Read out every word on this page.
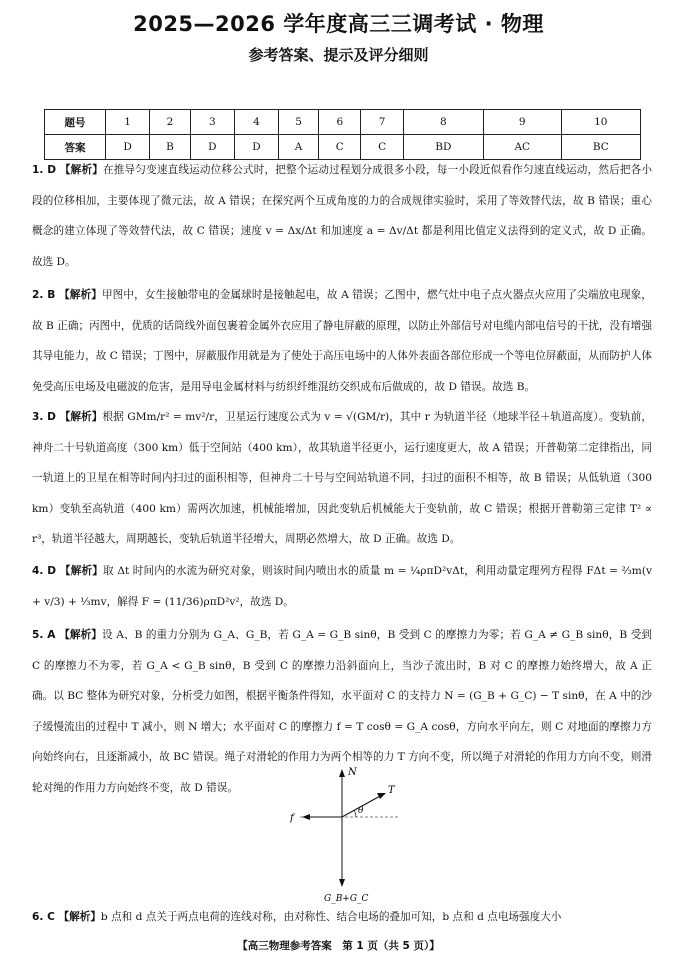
2025—2026 学年度高三三调考试 · 物理
参考答案、提示及评分细则
题号	1	2	3	4	5	6	7	8	9	10
答案	D	B	D	D	A	C	C	BD	AC	BC
1. D 【解析】在推导匀变速直线运动位移公式时，把整个运动过程划分成很多小段，每一小段近似看作匀速直线运动，然后把各小段的位移相加，主要体现了微元法，故 A 错误；在探究两个互成角度的力的合成规律实验时，采用了等效替代法，故 B 错误；重心概念的建立体现了等效替代法，故 C 错误；速度 v = Δx/Δt 和加速度 a = Δv/Δt 都是利用比值定义法得到的定义式，故 D 正确。故选 D。
2. B 【解析】甲图中，女生接触带电的金属球时是接触起电，故 A 错误；乙图中，燃气灶中电子点火器点火应用了尖端放电现象，故 B 正确；丙图中，优质的话筒线外面包裹着金属外衣应用了静电屏蔽的原理，以防止外部信号对电缆内部电信号的干扰，没有增强其导电能力，故 C 错误；丁图中，屏蔽服作用就是为了使处于高压电场中的人体外表面各部位形成一个等电位屏蔽面，从而防护人体免受高压电场及电磁波的危害，是用导电金属材料与纺织纤维混纺交织成布后做成的，故 D 错误。故选 B。
3. D 【解析】根据 GMm/r² = mv²/r，卫星运行速度公式为 v = √(GM/r)，其中 r 为轨道半径（地球半径＋轨道高度）。变轨前，神舟二十号轨道高度（300 km）低于空间站（400 km），故其轨道半径更小，运行速度更大，故 A 错误；开普勒第二定律指出，同一轨道上的卫星在相等时间内扫过的面积相等，但神舟二十号与空间站轨道不同，扫过的面积不相等，故 B 错误；从低轨道（300 km）变轨至高轨道（400 km）需两次加速，机械能增加，因此变轨后机械能大于变轨前，故 C 错误；根据开普勒第三定律 T² ∝ r³，轨道半径越大，周期越长，变轨后轨道半径增大，周期必然增大，故 D 正确。故选 D。
4. D 【解析】取 Δt 时间内的水流为研究对象，则该时间内喷出水的质量 m = ¼ρπD²vΔt，利用动量定理列方程得 FΔt = ⅔m(v + v/3) + ⅓mv，解得 F = (11/36)ρπD²v²，故选 D。
5. A 【解析】设 A、B 的重力分别为 G_A、G_B，若 G_A = G_B sinθ，B 受到 C 的摩擦力为零；若 G_A ≠ G_B sinθ，B 受到 C 的摩擦力不为零，若 G_A < G_B sinθ，B 受到 C 的摩擦力沿斜面向上，当沙子流出时，B 对 C 的摩擦力始终增大，故 A 正确。以 BC 整体为研究对象，分析受力如图，根据平衡条件得知，水平面对 C 的支持力 N = (G_B + G_C) − T sinθ，在 A 中的沙子缓慢流出的过程中 T 减小，则 N 增大；水平面对 C 的摩擦力 f = T cosθ = G_A cosθ，方向水平向左，则 C 对地面的摩擦力方向始终向右，且逐渐减小，故 BC 错误。绳子对滑轮的作用力为两个相等的力 T 方向不变，所以绳子对滑轮的作用力方向不变，则滑轮对绳的作用力方向始终不变，故 D 错误。
N
T
f
θ
G_B+G_C
6. C 【解析】b 点和 d 点关于两点电荷的连线对称，由对称性、结合电场的叠加可知，b 点和 d 点电场强度大小
【高三物理参考答案　第 1 页（共 5 页）】
